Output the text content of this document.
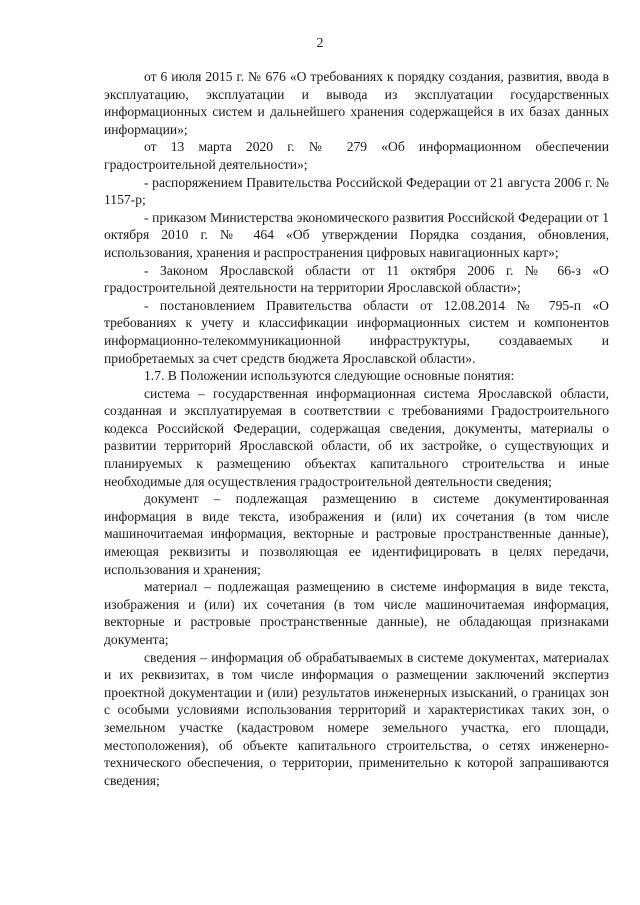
2

от 6 июля 2015 г. № 676 «О требованиях к порядку создания, развития, ввода в эксплуатацию, эксплуатации и вывода из эксплуатации государственных информационных систем и дальнейшего хранения содержащейся в их базах данных информации»;

от 13 марта 2020 г. № 279 «Об информационном обеспечении градостроительной деятельности»;

- распоряжением Правительства Российской Федерации от 21 августа 2006 г. № 1157-р;

- приказом Министерства экономического развития Российской Федерации от 1 октября 2010 г. № 464 «Об утверждении Порядка создания, обновления, использования, хранения и распространения цифровых навигационных карт»;

- Законом Ярославской области от 11 октября 2006 г. № 66-з «О градостроительной деятельности на территории Ярославской области»;

- постановлением Правительства области от 12.08.2014 № 795-п «О требованиях к учету и классификации информационных систем и компонентов информационно-телекоммуникационной инфраструктуры, создаваемых и приобретаемых за счет средств бюджета Ярославской области».

1.7. В Положении используются следующие основные понятия:

система – государственная информационная система Ярославской области, созданная и эксплуатируемая в соответствии с требованиями Градостроительного кодекса Российской Федерации, содержащая сведения, документы, материалы о развитии территорий Ярославской области, об их застройке, о существующих и планируемых к размещению объектах капитального строительства и иные необходимые для осуществления градостроительной деятельности сведения;

документ – подлежащая размещению в системе документированная информация в виде текста, изображения и (или) их сочетания (в том числе машиночитаемая информация, векторные и растровые пространственные данные), имеющая реквизиты и позволяющая ее идентифицировать в целях передачи, использования и хранения;

материал – подлежащая размещению в системе информация в виде текста, изображения и (или) их сочетания (в том числе машиночитаемая информация, векторные и растровые пространственные данные), не обладающая признаками документа;

сведения – информация об обрабатываемых в системе документах, материалах и их реквизитах, в том числе информация о размещении заключений экспертиз проектной документации и (или) результатов инженерных изысканий, о границах зон с особыми условиями использования территорий и характеристиках таких зон, о земельном участке (кадастровом номере земельного участка, его площади, местоположения), об объекте капитального строительства, о сетях инженерно-технического обеспечения, о территории, применительно к которой запрашиваются сведения;
